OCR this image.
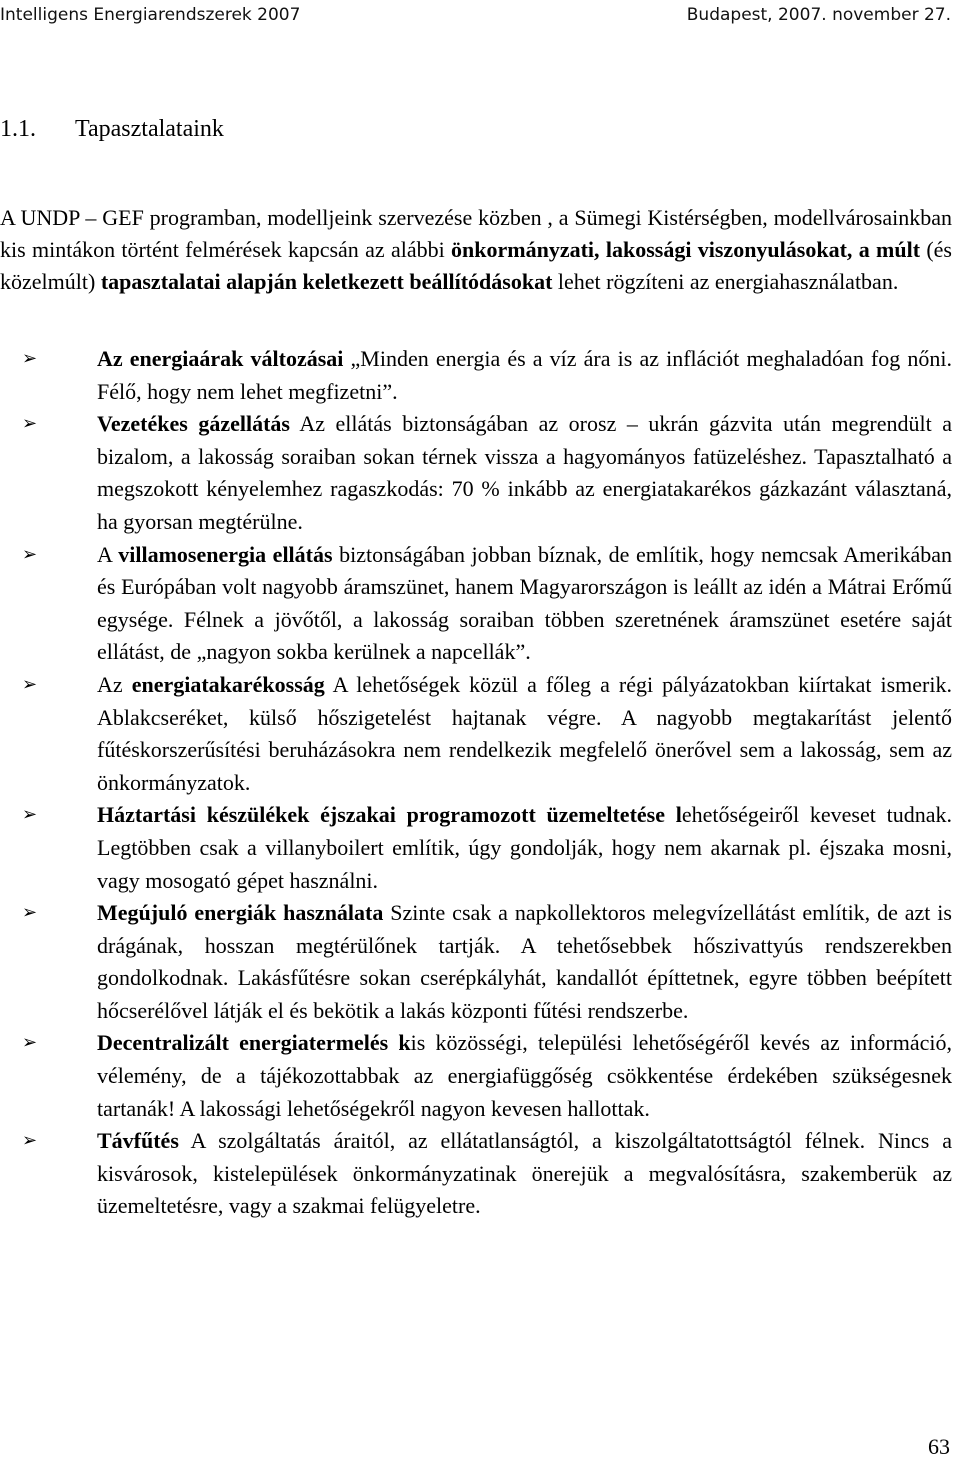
Intelligens Energiarendszerek 2007	Budapest, 2007. november 27.
1.1. Tapasztalataink

A UNDP – GEF programban, modelljeink szervezése közben , a Sümegi Kistérségben, modellvárosainkban kis mintákon történt felmérések kapcsán az alábbi önkormányzati, lakossági viszonyulásokat, a múlt (és közelmúlt) tapasztalatai alapján keletkezett beállítódásokat lehet rögzíteni az energiahasználatban.

➢	Az energiaárak változásai „Minden energia és a víz ára is az inflációt meghaladóan fog nőni. Félő, hogy nem lehet megfizetni”.
➢	Vezetékes gázellátás Az ellátás biztonságában az orosz – ukrán gázvita után megrendült a bizalom, a lakosság soraiban sokan térnek vissza a hagyományos fatüzeléshez. Tapasztalható a megszokott kényelemhez ragaszkodás: 70 % inkább az energiatakarékos gázkazánt választaná, ha gyorsan megtérülne.
➢	A villamosenergia ellátás biztonságában jobban bíznak, de említik, hogy nemcsak Amerikában és Európában volt nagyobb áramszünet, hanem Magyarországon is leállt az idén a Mátrai Erőmű egysége. Félnek a jövőtől, a lakosság soraiban többen szeretnének áramszünet esetére saját ellátást, de „nagyon sokba kerülnek a napcellák”.
➢	Az energiatakarékosság A lehetőségek közül a főleg a régi pályázatokban kiírtakat ismerik. Ablakcseréket, külső hőszigetelést hajtanak végre. A nagyobb megtakarítást jelentő fűtéskorszerűsítési beruházásokra nem rendelkezik megfelelő önerővel sem a lakosság, sem az önkormányzatok.
➢	Háztartási készülékek éjszakai programozott üzemeltetése lehetőségeiről keveset tudnak. Legtöbben csak a villanyboilert említik, úgy gondolják, hogy nem akarnak pl. éjszaka mosni, vagy mosogató gépet használni.
➢	Megújuló energiák használata Szinte csak a napkollektoros melegvízellátást említik, de azt is drágának, hosszan megtérülőnek tartják. A tehetősebbek hőszivattyús rendszerekben gondolkodnak. Lakásfűtésre sokan cserépkályhát, kandallót építtetnek, egyre többen beépített hőcserélővel látják el és bekötik a lakás központi fűtési rendszerbe.
➢	Decentralizált energiatermelés kis közösségi, települési lehetőségéről kevés az információ, vélemény, de a tájékozottabbak az energiafüggőség csökkentése érdekében szükségesnek tartanák! A lakossági lehetőségekről nagyon kevesen hallottak.
➢	Távfűtés A szolgáltatás áraitól, az ellátatlanságtól, a kiszolgáltatottságtól félnek. Nincs a kisvárosok, kistelepülések önkormányzatinak önerejük a megvalósításra, szakemberük az üzemeltetésre, vagy a szakmai felügyeletre.
63
